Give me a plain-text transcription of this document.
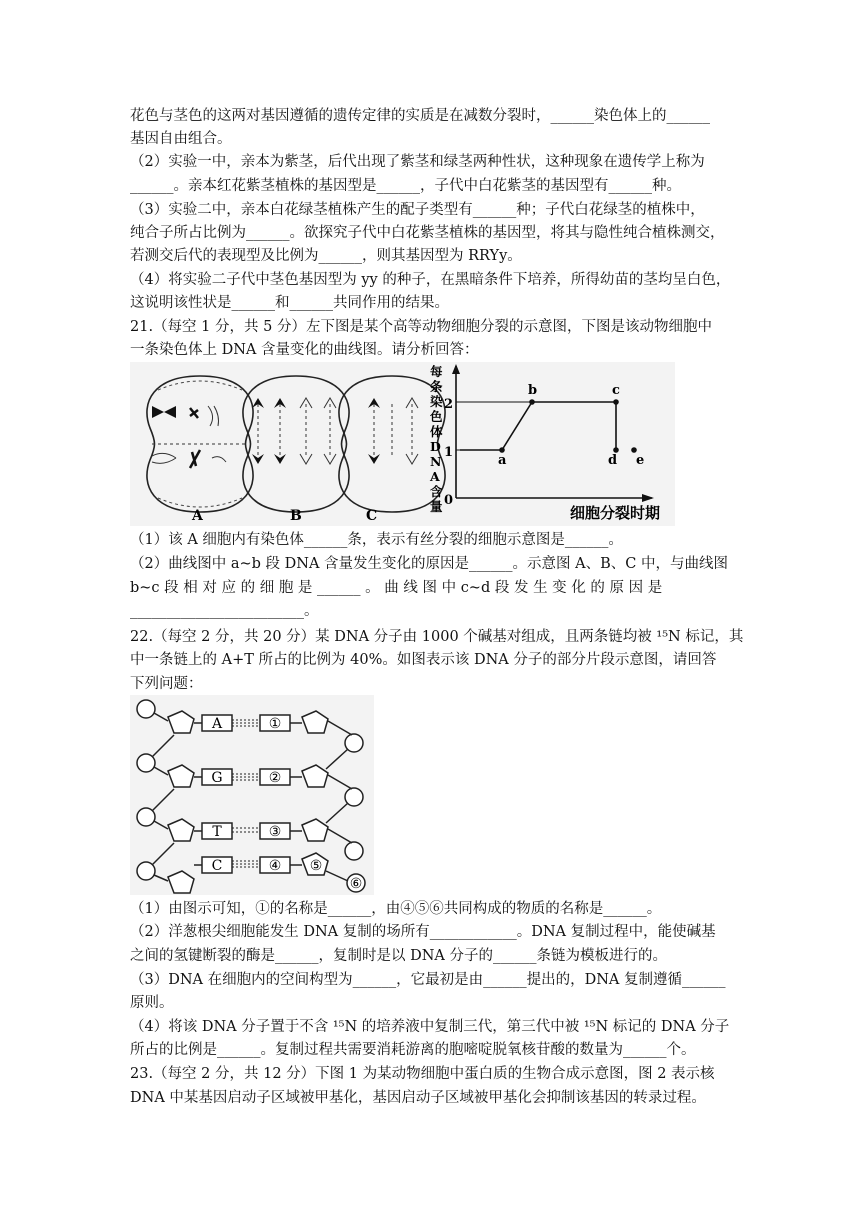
花色与茎色的这两对基因遵循的遗传定律的实质是在减数分裂时，______染色体上的______
基因自由组合。
（2）实验一中，亲本为紫茎，后代出现了紫茎和绿茎两种性状，这种现象在遗传学上称为
______。亲本红花紫茎植株的基因型是______，子代中白花紫茎的基因型有______种。
（3）实验二中，亲本白花绿茎植株产生的配子类型有______种；子代白花绿茎的植株中，
纯合子所占比例为______。欲探究子代中白花紫茎植株的基因型，将其与隐性纯合植株测交，
若测交后代的表现型及比例为______，则其基因型为 RRYy。
（4）将实验二子代中茎色基因型为 yy 的种子，在黑暗条件下培养，所得幼苗的茎均呈白色，
这说明该性状是______和______共同作用的结果。
21.（每空 1 分，共 5 分）左下图是某个高等动物细胞分裂的示意图，下图是该动物细胞中
一条染色体上 DNA 含量变化的曲线图。请分析回答：
A	B	C
每条染色体 D N A 含量
2
1
0
细胞分裂时期
a
b	c
d e
（1）该 A 细胞内有染色体______条，表示有丝分裂的细胞示意图是______。
（2）曲线图中 a~b 段 DNA 含量发生变化的原因是______。示意图 A、B、C 中，与曲线图
b~c 段 相 对 应 的 细 胞 是 ______ 。 曲 线 图 中 c~d 段 发 生 变 化 的 原 因 是
________________________。
22.（每空 2 分，共 20 分）某 DNA 分子由 1000 个碱基对组成，且两条链均被 ¹⁵N 标记，其
中一条链上的 A+T 所占的比例为 40%。如图表示该 DNA 分子的部分片段示意图，请回答
下列问题：
A
G
T
C
①
②
③
④ ⑤
⑥
（1）由图示可知，①的名称是______，由④⑤⑥共同构成的物质的名称是______。
（2）洋葱根尖细胞能发生 DNA 复制的场所有____________。DNA 复制过程中，能使碱基
之间的氢键断裂的酶是______，复制时是以 DNA 分子的______条链为模板进行的。
（3）DNA 在细胞内的空间构型为______，它最初是由______提出的，DNA 复制遵循______
原则。
（4）将该 DNA 分子置于不含 ¹⁵N 的培养液中复制三代，第三代中被 ¹⁵N 标记的 DNA 分子
所占的比例是______。复制过程共需要消耗游离的胞嘧啶脱氧核苷酸的数量为______个。
23.（每空 2 分，共 12 分）下图 1 为某动物细胞中蛋白质的生物合成示意图，图 2 表示核
DNA 中某基因启动子区域被甲基化，基因启动子区域被甲基化会抑制该基因的转录过程。
